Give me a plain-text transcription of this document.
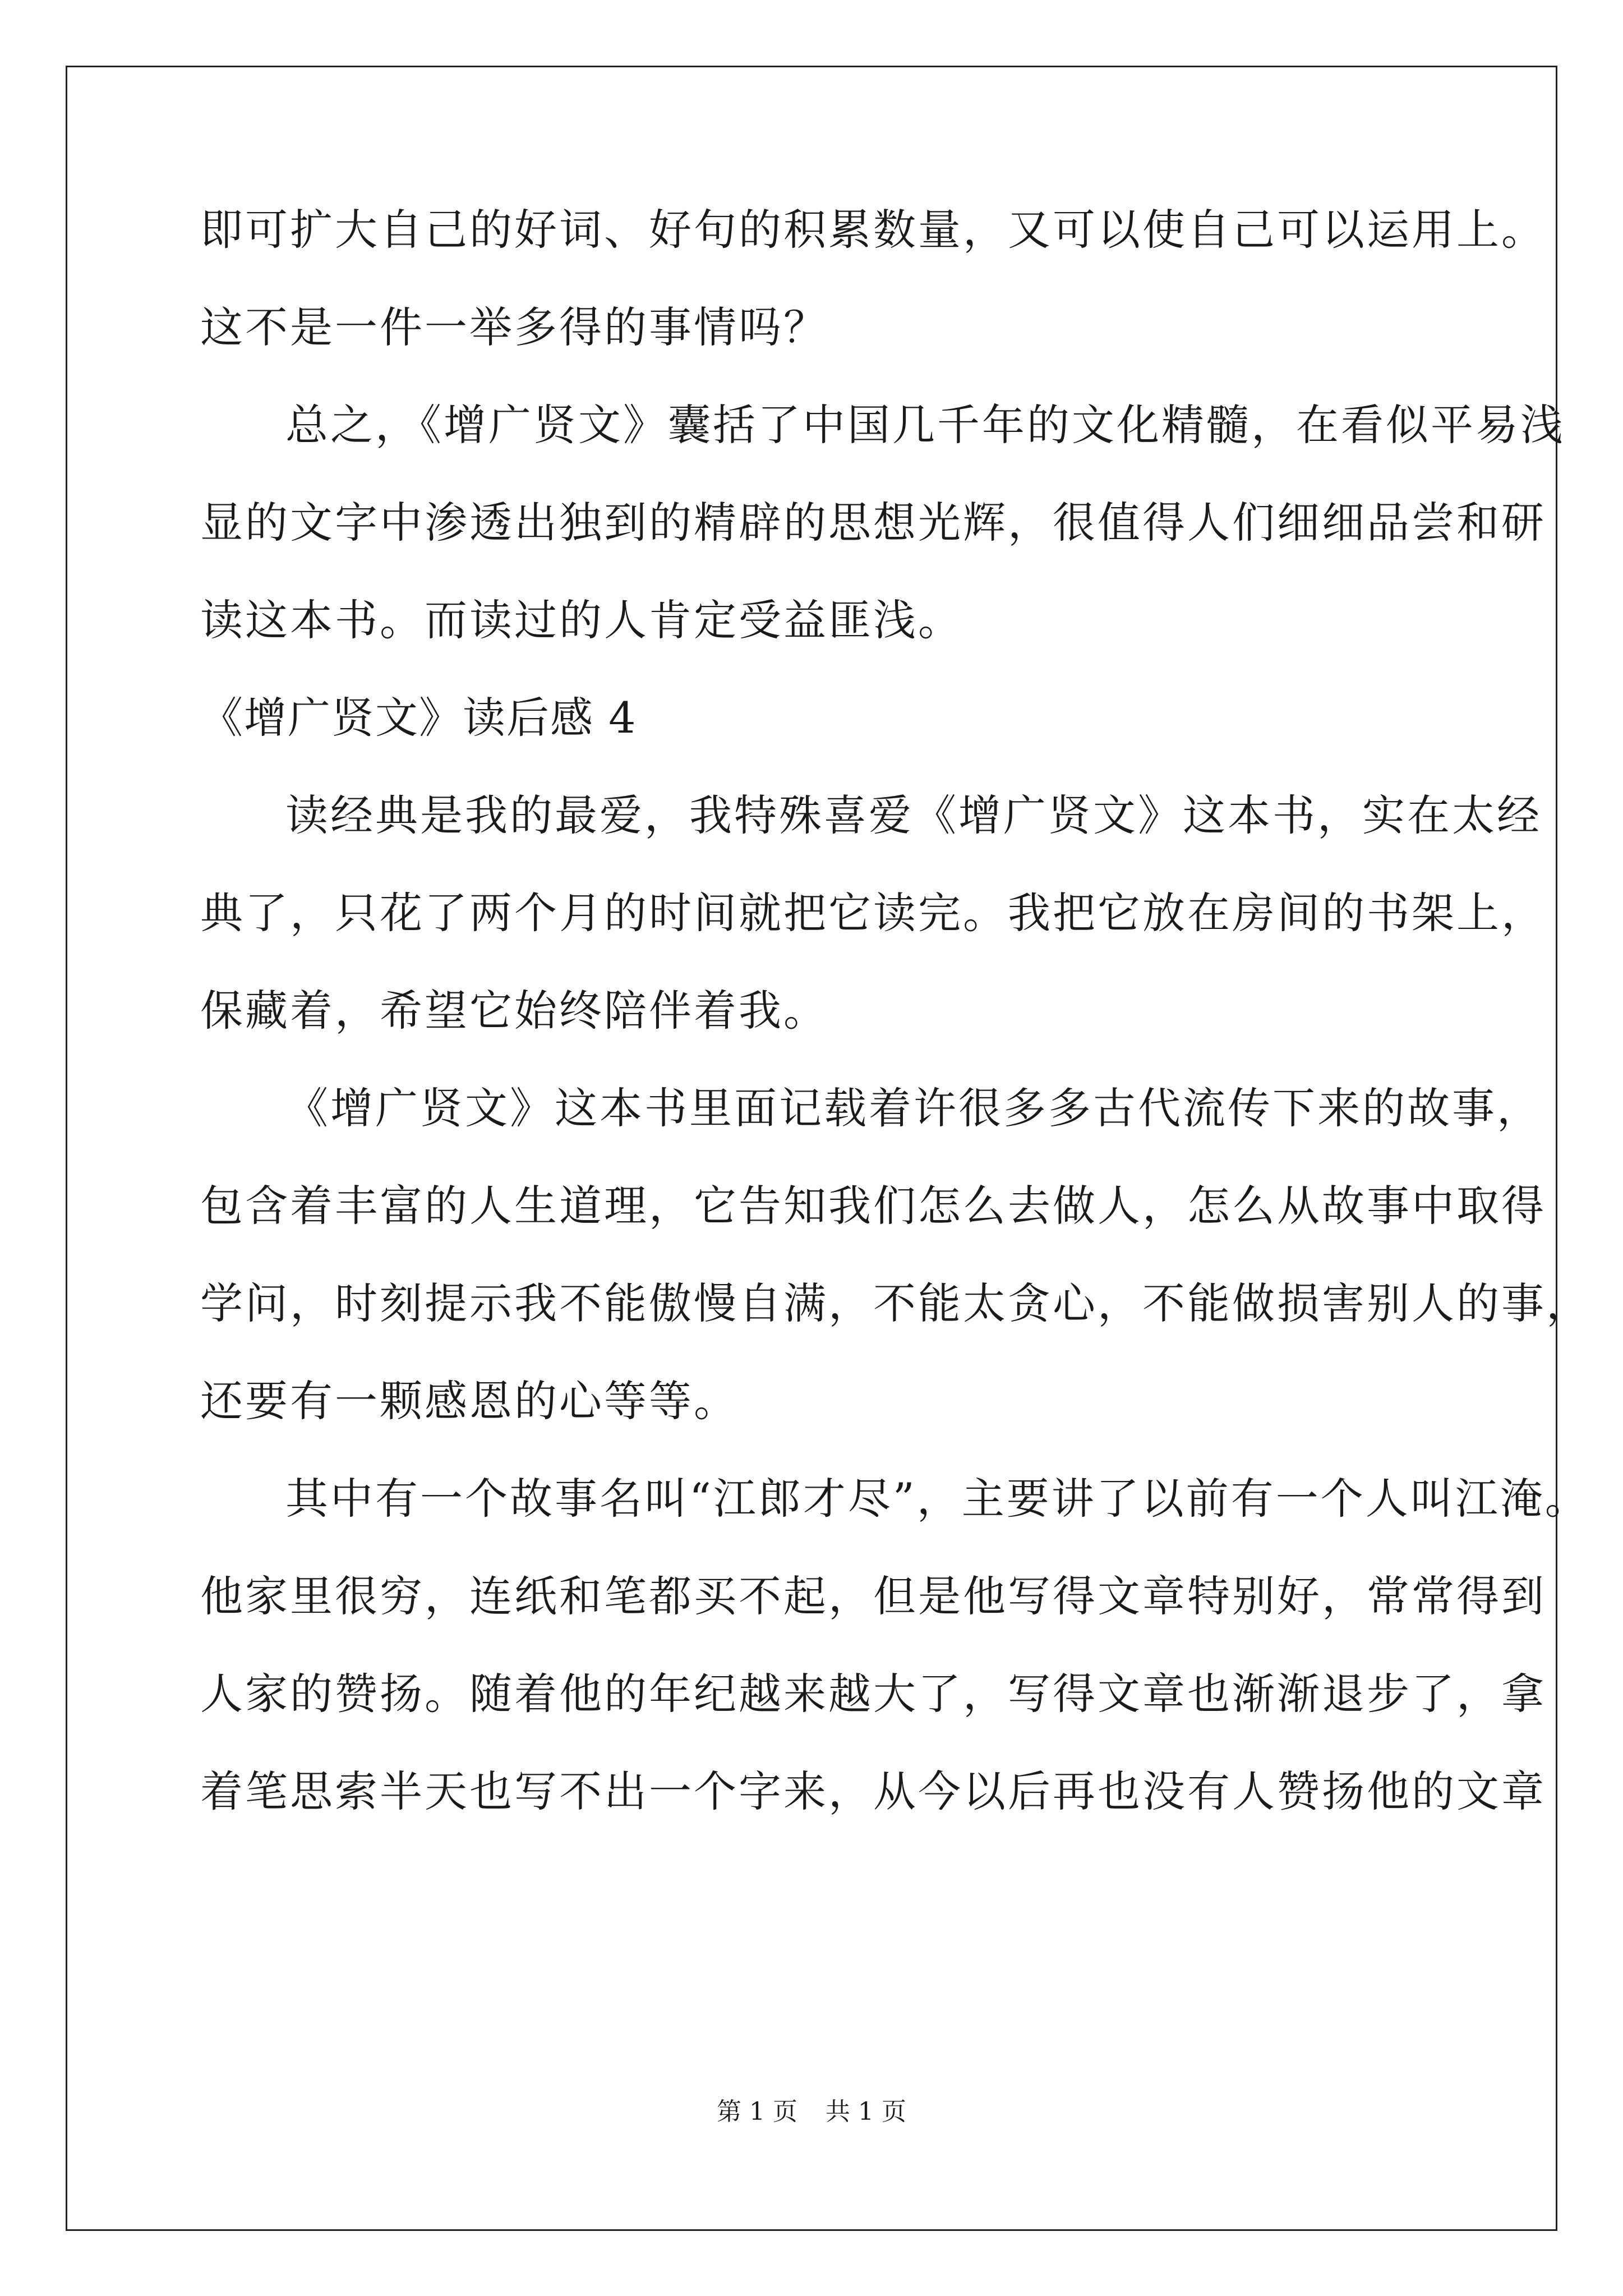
即可扩大自己的好词、好句的积累数量，又可以使自己可以运用上。
这不是一件一举多得的事情吗？
总之，《增广贤文》囊括了中国几千年的文化精髓，在看似平易浅
显的文字中渗透出独到的精辟的思想光辉，很值得人们细细品尝和研
读这本书。而读过的人肯定受益匪浅。
《增广贤文》读后感 4
读经典是我的最爱，我特殊喜爱《增广贤文》这本书，实在太经
典了，只花了两个月的时间就把它读完。我把它放在房间的书架上，
保藏着，希望它始终陪伴着我。
《增广贤文》这本书里面记载着许很多多古代流传下来的故事，
包含着丰富的人生道理，它告知我们怎么去做人，怎么从故事中取得
学问，时刻提示我不能傲慢自满，不能太贪心，不能做损害别人的事，
还要有一颗感恩的心等等。
其中有一个故事名叫“江郎才尽”，主要讲了以前有一个人叫江淹。
他家里很穷，连纸和笔都买不起，但是他写得文章特别好，常常得到
人家的赞扬。随着他的年纪越来越大了，写得文章也渐渐退步了，拿
着笔思索半天也写不出一个字来，从今以后再也没有人赞扬他的文章
第 1 页 共 1 页
